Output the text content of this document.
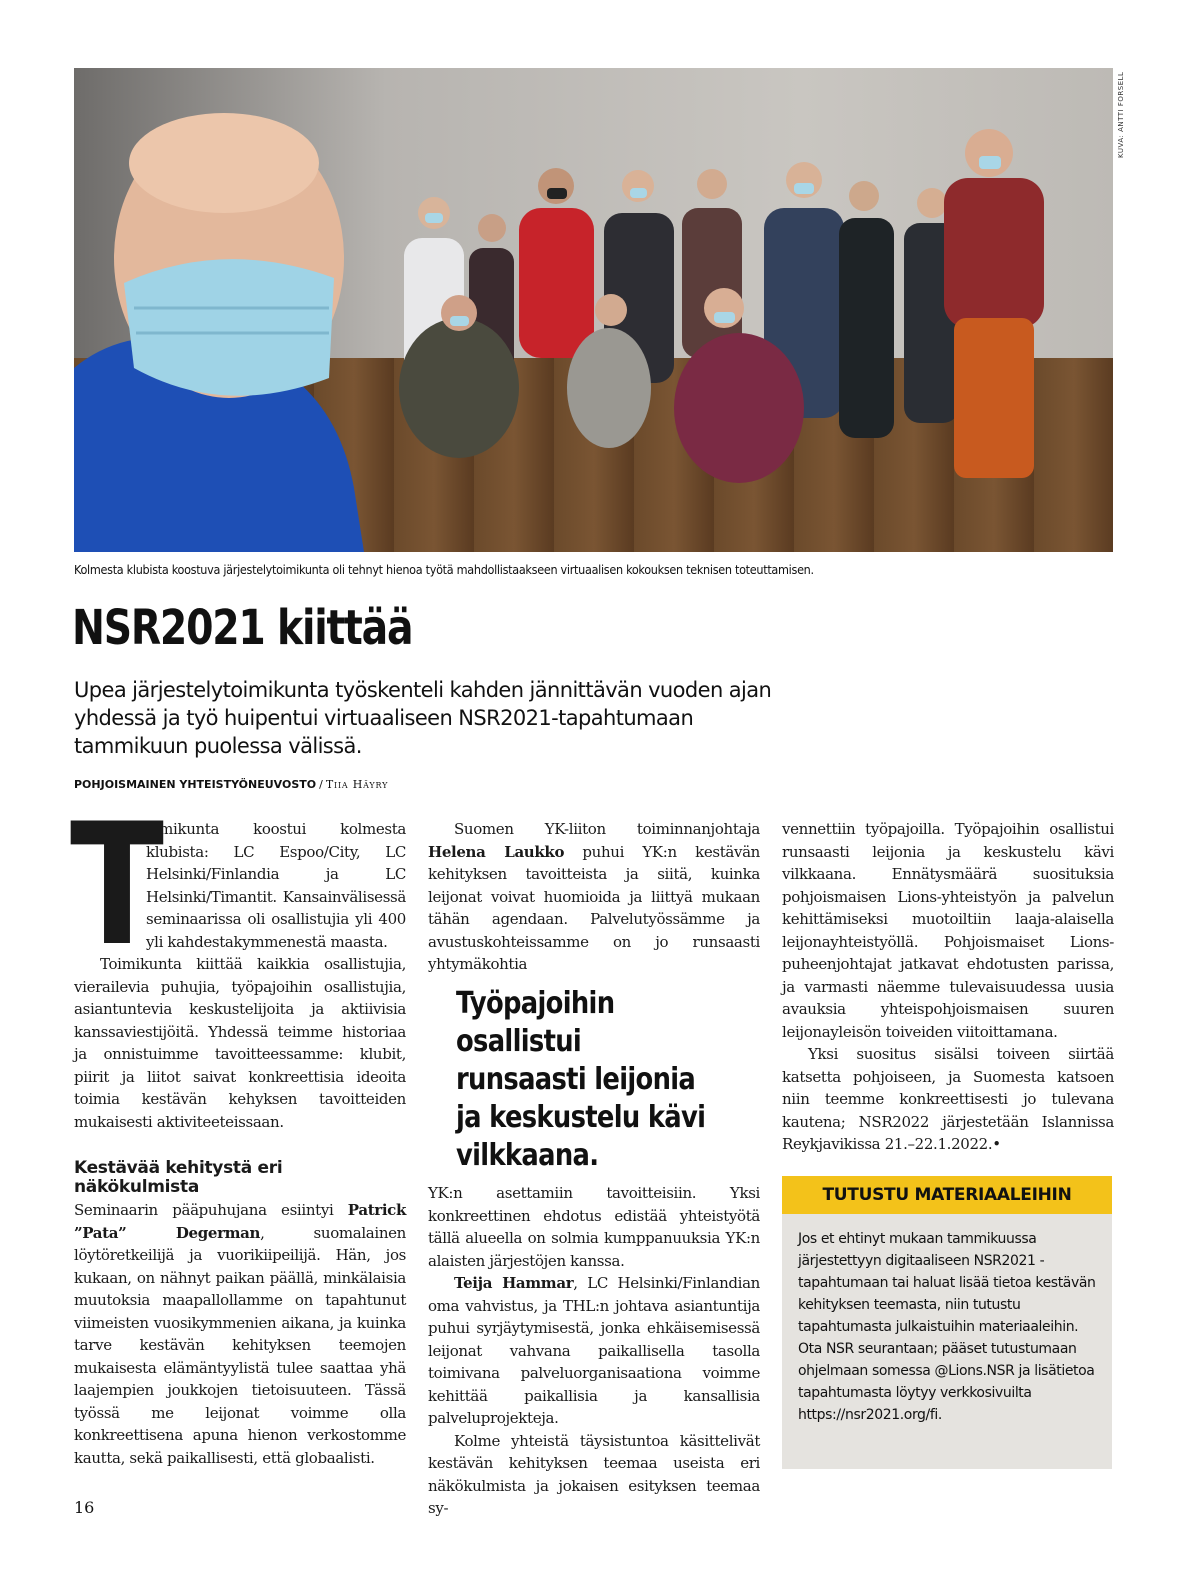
KUVA: ANTTI FORSELL
Kolmesta klubista koostuva järjestelytoimikunta oli tehnyt hienoa työtä mahdollistaakseen virtuaalisen kokouksen teknisen toteuttamisen.
NSR2021 kiittää
Upea järjestelytoimikunta työskenteli kahden jännittävän vuoden ajan yhdessä ja työ huipentui virtuaaliseen NSR2021-tapahtumaan tammikuun puolessa välissä.
POHJOISMAINEN YHTEISTYÖNEUVOSTO / Tiia Häyry
T

oimikunta koostui kolmesta klubista: LC Espoo/City, LC Helsinki/Finlandia ja LC Helsinki/Timantit. Kansainvälisessä seminaarissa oli osallistujia yli 400 yli kahdestakymmenestä maasta.

Toimikunta kiittää kaikkia osallistujia, vierailevia puhujia, työpajoihin osallistujia, asiantuntevia keskustelijoita ja aktiivisia kanssaviestijöitä. Yhdessä teimme historiaa ja onnistuimme tavoitteessamme: klubit, piirit ja liitot saivat konkreettisia ideoita toimia kestävän kehyksen tavoitteiden mukaisesti aktiviteeteissaan.

Kestävää kehitystä eri näkökulmista

Seminaarin pääpuhujana esiintyi Patrick ”Pata” Degerman, suomalainen löytöretkeilijä ja vuorikiipeilijä. Hän, jos kukaan, on nähnyt paikan päällä, minkälaisia muutoksia maapallollamme on tapahtunut viimeisten vuosikymmenien aikana, ja kuinka tarve kestävän kehityksen teemojen mukaisesta elämäntyylistä tulee saattaa yhä laajempien joukkojen tietoisuuteen. Tässä työssä me leijonat voimme olla konkreettisena apuna hienon verkostomme kautta, sekä paikallisesti, että globaalisti.

Suomen YK-liiton toiminnanjohtaja Helena Laukko puhui YK:n kestävän kehityksen tavoitteista ja siitä, kuinka leijonat voivat huomioida ja liittyä mukaan tähän agendaan. Palvelutyössämme ja avustuskohteissamme on jo runsaasti yhtymäkohtia

Työpajoihin osallistui runsaasti leijonia ja keskustelu kävi vilkkaana.

YK:n asettamiin tavoitteisiin. Yksi konkreettinen ehdotus edistää yhteistyötä tällä alueella on solmia kumppanuuksia YK:n alaisten järjestöjen kanssa.

Teija Hammar, LC Helsinki/Finlandian oma vahvistus, ja THL:n johtava asiantuntija puhui syrjäytymisestä, jonka ehkäisemisessä leijonat vahvana paikallisella tasolla toimivana palveluorganisaationa voimme kehittää paikallisia ja kansallisia palveluprojekteja.

Kolme yhteistä täysistuntoa käsittelivät kestävän kehityksen teemaa useista eri näkökulmista ja jokaisen esityksen teemaa sy-

vennettiin työpajoilla. Työpajoihin osallistui runsaasti leijonia ja keskustelu kävi vilkkaana. Ennätysmäärä suosituksia pohjoismaisen Lions-yhteistyön ja palvelun kehittämiseksi muotoiltiin laaja-alaisella leijonayhteistyöllä. Pohjoismaiset Lions-puheenjohtajat jatkavat ehdotusten parissa, ja varmasti näemme tulevaisuudessa uusia avauksia yhteispohjoismaisen suuren leijonayleisön toiveiden viitoittamana.

Yksi suositus sisälsi toiveen siirtää katsetta pohjoiseen, ja Suomesta katsoen niin teemme konkreettisesti jo tulevana kautena; NSR2022 järjestetään Islannissa Reykjavikissa 21.–22.1.2022.•

TUTUSTU MATERIAALEIHIN
Jos et ehtinyt mukaan tammikuussa järjestettyyn digitaaliseen NSR2021 -tapahtumaan tai haluat lisää tietoa kestävän kehityksen teemasta, niin tutustu tapahtumasta julkaistuihin materiaaleihin. Ota NSR seurantaan; pääset tutustumaan ohjelmaan somessa @Lions.NSR ja lisätietoa tapahtumasta löytyy verkkosivuilta https://nsr2021.org/fi.
16
